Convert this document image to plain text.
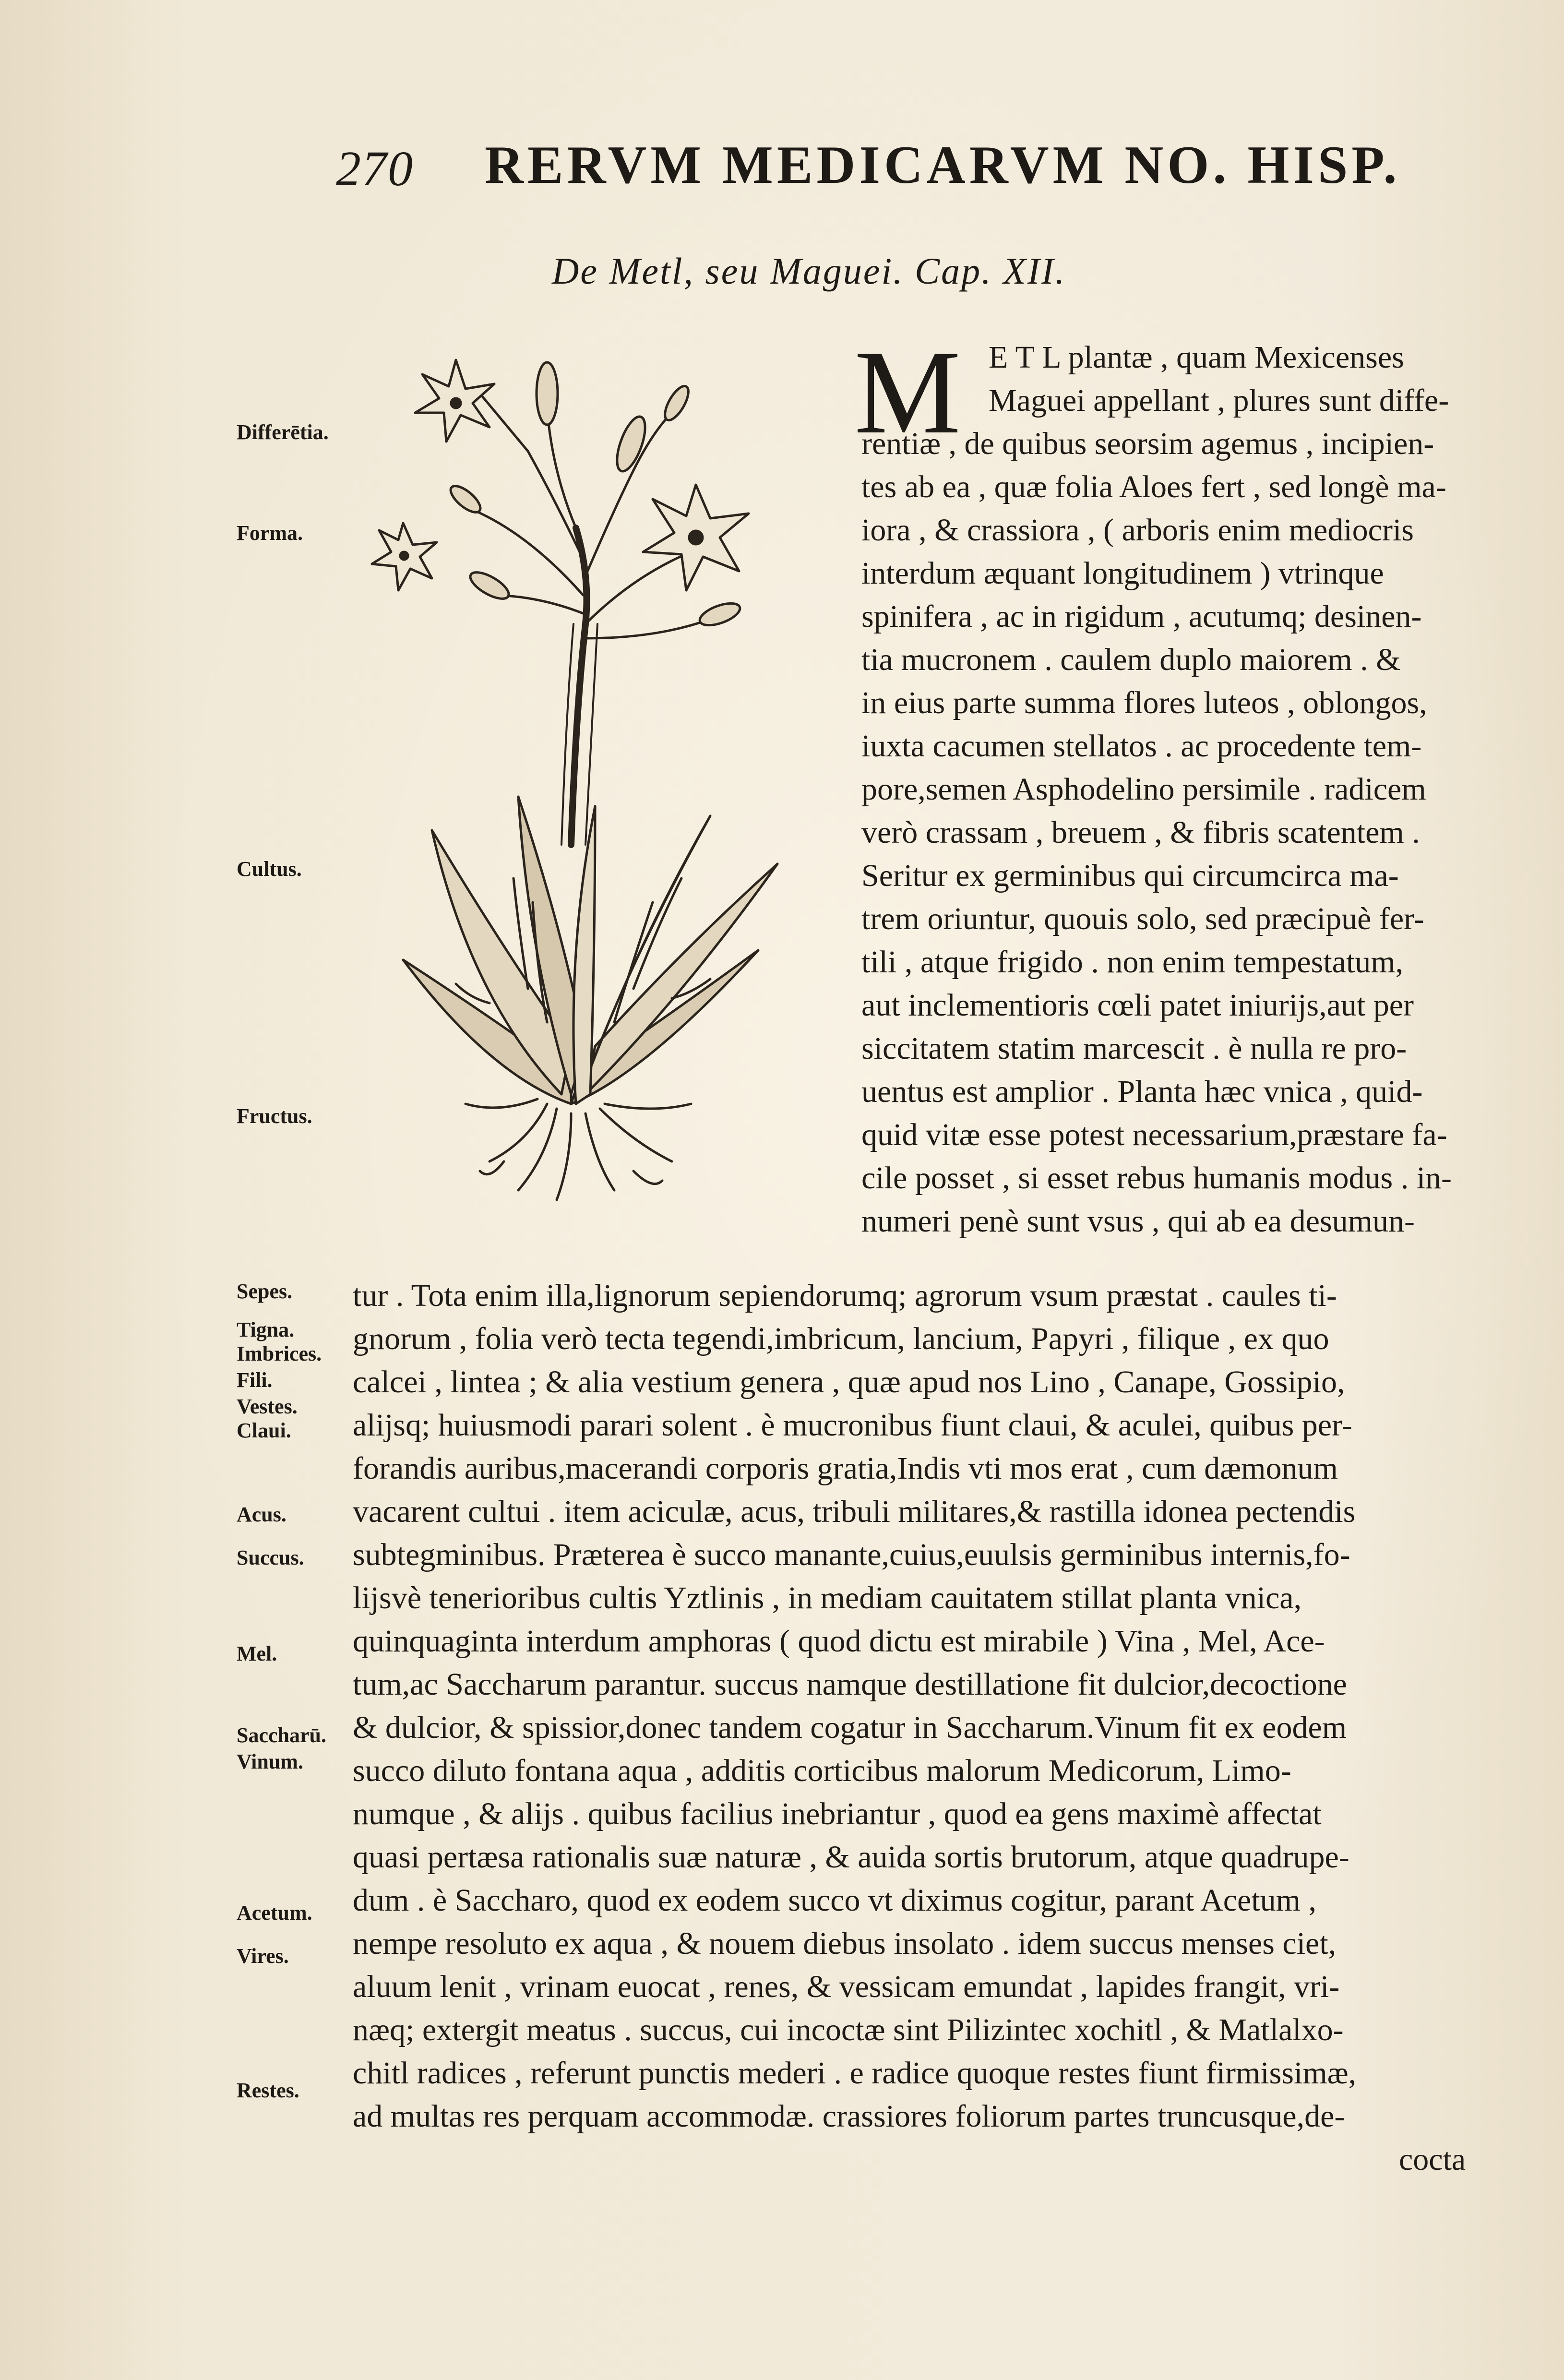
270 RERVM MEDICARVM NO. HISP.
De Metl, seu Maguei. Cap. XII.
M E T L plantæ , quam Mexicenses
Maguei appellant , plures sunt diffe-
rentiæ , de quibus seorsim agemus , incipien-
tes ab ea , quæ folia Aloes fert , sed longè ma-
iora , & crassiora , ( arboris enim mediocris
interdum æquant longitudinem ) vtrinque
spinifera , ac in rigidum , acutumq; desinen-
tia mucronem . caulem duplo maiorem . &
in eius parte summa flores luteos , oblongos,
iuxta cacumen stellatos . ac procedente tem-
pore,semen Asphodelino persimile . radicem
verò crassam , breuem , & fibris scatentem .
Seritur ex germinibus qui circumcirca ma-
trem oriuntur, quouis solo, sed præcipuè fer-
tili , atque frigido . non enim tempestatum,
aut inclementioris cœli patet iniurijs,aut per
siccitatem statim marcescit . è nulla re pro-
uentus est amplior . Planta hæc vnica , quid-
quid vitæ esse potest necessarium,præstare fa-
cile posset , si esset rebus humanis modus . in-
numeri penè sunt vsus , qui ab ea desumun-
tur . Tota enim illa,lignorum sepiendorumq; agrorum vsum præstat . caules ti-
gnorum , folia verò tecta tegendi,imbricum, lancium, Papyri , filique , ex quo
calcei , lintea ; & alia vestium genera , quæ apud nos Lino , Canape, Gossipio,
alijsq; huiusmodi parari solent . è mucronibus fiunt claui, & aculei, quibus per-
forandis auribus,macerandi corporis gratia,Indis vti mos erat , cum dæmonum
vacarent cultui . item aciculæ, acus, tribuli militares,& rastilla idonea pectendis
subtegminibus. Præterea è succo manante,cuius,euulsis germinibus internis,fo-
lijsvè tenerioribus cultis Yztlinis , in mediam cauitatem stillat planta vnica,
quinquaginta interdum amphoras ( quod dictu est mirabile ) Vina , Mel, Ace-
tum,ac Saccharum parantur. succus namque destillatione fit dulcior,decoctione
& dulcior, & spissior,donec tandem cogatur in Saccharum.Vinum fit ex eodem
succo diluto fontana aqua , additis corticibus malorum Medicorum, Limo-
numque , & alijs . quibus facilius inebriantur , quod ea gens maximè affectat
quasi pertæsa rationalis suæ naturæ , & auida sortis brutorum, atque quadrupe-
dum . è Saccharo, quod ex eodem succo vt diximus cogitur, parant Acetum ,
nempe resoluto ex aqua , & nouem diebus insolato . idem succus menses ciet,
aluum lenit , vrinam euocat , renes, & vessicam emundat , lapides frangit, vri-
næq; extergit meatus . succus, cui incoctæ sint Pilizintec xochitl , & Matlalxo-
chitl radices , referunt punctis mederi . e radice quoque restes fiunt firmissimæ,
ad multas res perquam accommodæ. crassiores foliorum partes truncusque,de-
cocta
Differētia.
Forma.
Cultus.
Fructus.
Sepes.
Tigna.
Imbrices.
Fili.
Vestes.
Claui.
Acus.
Succus.
Mel.
Saccharū.
Vinum.
Acetum.
Vires.
Restes.
